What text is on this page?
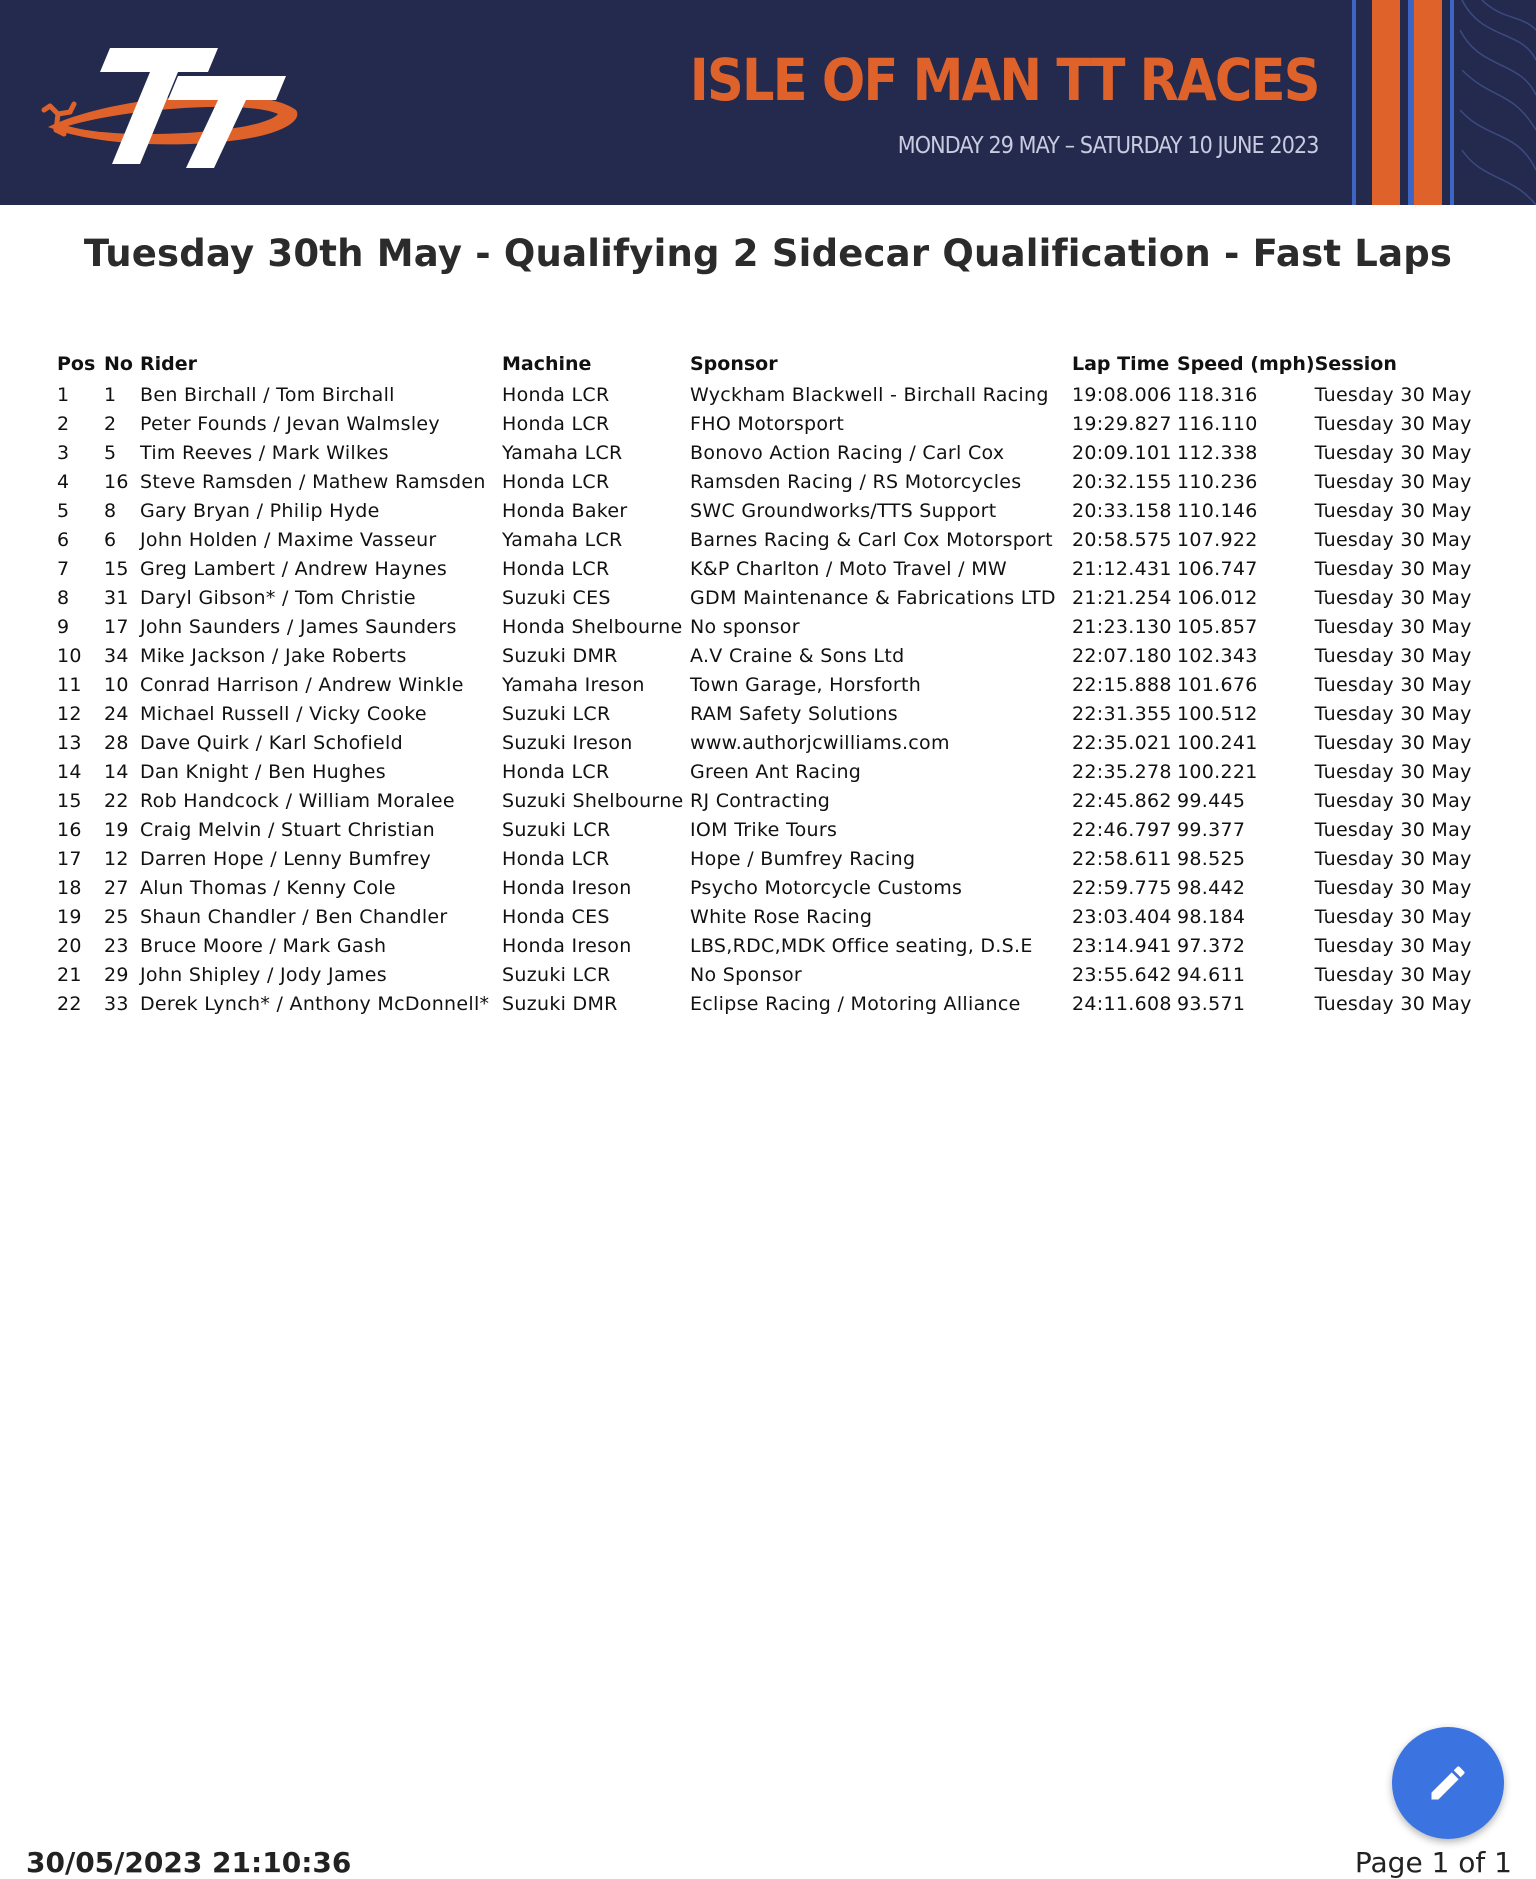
ISLE OF MAN TT RACES
MONDAY 29 MAY – SATURDAY 10 JUNE 2023
Tuesday 30th May - Qualifying 2 Sidecar Qualification - Fast Laps
Pos	No	Rider	Machine	Sponsor	Lap Time	Speed (mph)	Session
1	1	Ben Birchall / Tom Birchall	Honda LCR	Wyckham Blackwell - Birchall Racing	19:08.006	118.316	Tuesday 30 May
2	2	Peter Founds / Jevan Walmsley	Honda LCR	FHO Motorsport	19:29.827	116.110	Tuesday 30 May
3	5	Tim Reeves / Mark Wilkes	Yamaha LCR	Bonovo Action Racing / Carl Cox	20:09.101	112.338	Tuesday 30 May
4	16	Steve Ramsden / Mathew Ramsden	Honda LCR	Ramsden Racing / RS Motorcycles	20:32.155	110.236	Tuesday 30 May
5	8	Gary Bryan / Philip Hyde	Honda Baker	SWC Groundworks/TTS Support	20:33.158	110.146	Tuesday 30 May
6	6	John Holden / Maxime Vasseur	Yamaha LCR	Barnes Racing & Carl Cox Motorsport	20:58.575	107.922	Tuesday 30 May
7	15	Greg Lambert / Andrew Haynes	Honda LCR	K&P Charlton / Moto Travel / MW	21:12.431	106.747	Tuesday 30 May
8	31	Daryl Gibson* / Tom Christie	Suzuki CES	GDM Maintenance & Fabrications LTD	21:21.254	106.012	Tuesday 30 May
9	17	John Saunders / James Saunders	Honda Shelbourne	No sponsor	21:23.130	105.857	Tuesday 30 May
10	34	Mike Jackson / Jake Roberts	Suzuki DMR	A.V Craine & Sons Ltd	22:07.180	102.343	Tuesday 30 May
11	10	Conrad Harrison / Andrew Winkle	Yamaha Ireson	Town Garage, Horsforth	22:15.888	101.676	Tuesday 30 May
12	24	Michael Russell / Vicky Cooke	Suzuki LCR	RAM Safety Solutions	22:31.355	100.512	Tuesday 30 May
13	28	Dave Quirk / Karl Schofield	Suzuki Ireson	www.authorjcwilliams.com	22:35.021	100.241	Tuesday 30 May
14	14	Dan Knight / Ben Hughes	Honda LCR	Green Ant Racing	22:35.278	100.221	Tuesday 30 May
15	22	Rob Handcock / William Moralee	Suzuki Shelbourne	RJ Contracting	22:45.862	99.445	Tuesday 30 May
16	19	Craig Melvin / Stuart Christian	Suzuki LCR	IOM Trike Tours	22:46.797	99.377	Tuesday 30 May
17	12	Darren Hope / Lenny Bumfrey	Honda LCR	Hope / Bumfrey Racing	22:58.611	98.525	Tuesday 30 May
18	27	Alun Thomas / Kenny Cole	Honda Ireson	Psycho Motorcycle Customs	22:59.775	98.442	Tuesday 30 May
19	25	Shaun Chandler / Ben Chandler	Honda CES	White Rose Racing	23:03.404	98.184	Tuesday 30 May
20	23	Bruce Moore / Mark Gash	Honda Ireson	LBS,RDC,MDK Office seating, D.S.E	23:14.941	97.372	Tuesday 30 May
21	29	John Shipley / Jody James	Suzuki LCR	No Sponsor	23:55.642	94.611	Tuesday 30 May
22	33	Derek Lynch* / Anthony McDonnell*	Suzuki DMR	Eclipse Racing / Motoring Alliance	24:11.608	93.571	Tuesday 30 May
30/05/2023 21:10:36	Page 1 of 1
